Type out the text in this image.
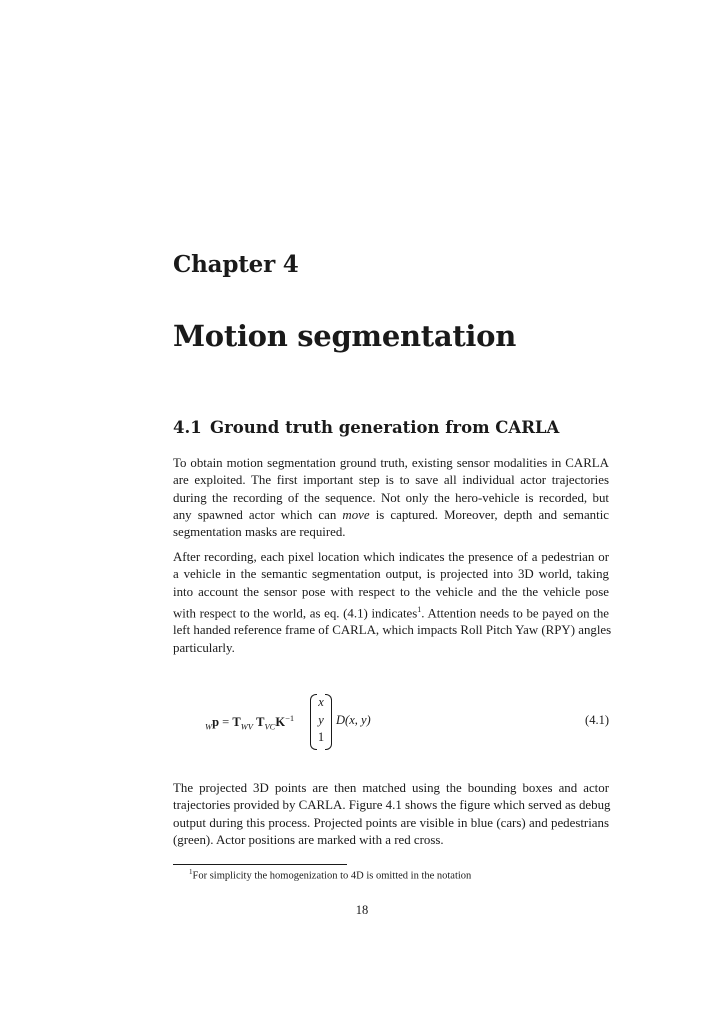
Chapter 4
Motion segmentation
4.1 Ground truth generation from CARLA

To obtain motion segmentation ground truth, existing sensor modalities in CARLA
are exploited. The first important step is to save all individual actor trajectories
during the recording of the sequence. Not only the hero-vehicle is recorded, but
any spawned actor which can move is captured. Moreover, depth and semantic
segmentation masks are required.

After recording, each pixel location which indicates the presence of a pedestrian or
a vehicle in the semantic segmentation output, is projected into 3D world, taking
into account the sensor pose with respect to the vehicle and the the vehicle pose
with respect to the world, as eq. (4.1) indicates$^1$. Attention needs to be payed on the
left handed reference frame of CARLA, which impacts Roll Pitch Yaw (RPY) angles
particularly.

$_Wp = T_{WV}$ $T_{VC}K^{-1}$
x
y
1
D(x, y)	(4.1)

The projected 3D points are then matched using the bounding boxes and actor
trajectories provided by CARLA. Figure 4.1 shows the figure which served as debug
output during this process. Projected points are visible in blue (cars) and pedestrians
(green). Actor positions are marked with a red cross.

$^1$For simplicity the homogenization to 4D is omitted in the notation
18
